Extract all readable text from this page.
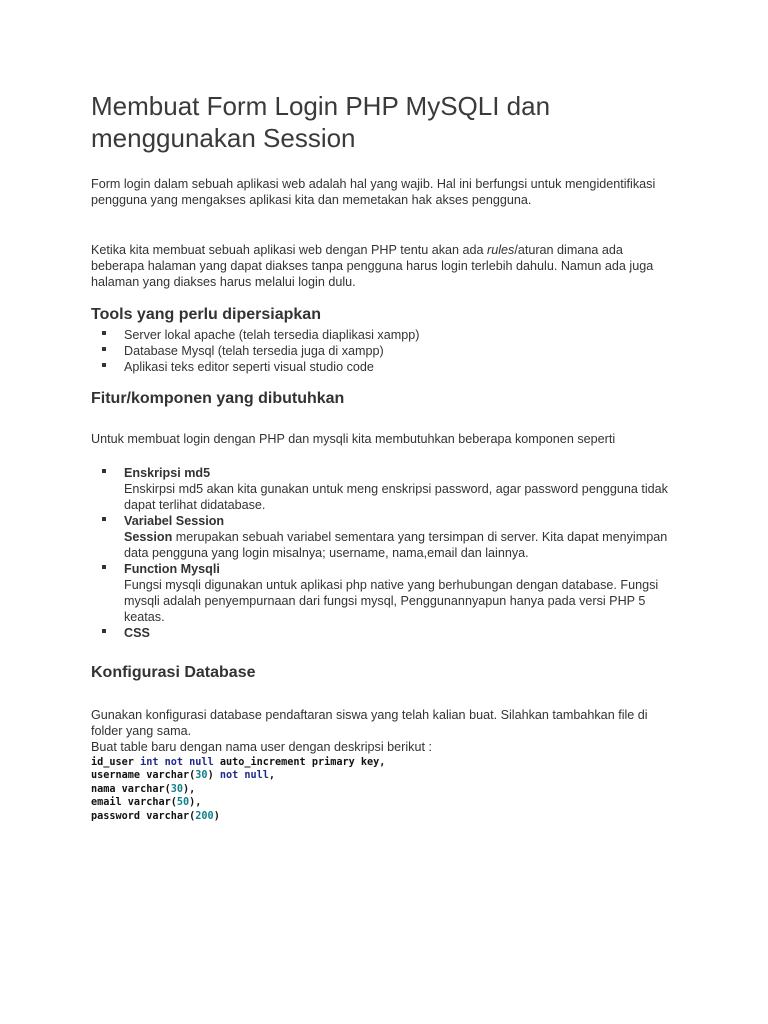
Membuat Form Login PHP MySQLI dan
menggunakan Session

Form login dalam sebuah aplikasi web adalah hal yang wajib. Hal ini berfungsi untuk mengidentifikasi pengguna yang mengakses aplikasi kita dan memetakan hak akses pengguna.

Ketika kita membuat sebuah aplikasi web dengan PHP tentu akan ada rules/aturan dimana ada beberapa halaman yang dapat diakses tanpa pengguna harus login terlebih dahulu. Namun ada juga halaman yang diakses harus melalui login dulu.

Tools yang perlu dipersiapkan
Server lokal apache (telah tersedia diaplikasi xampp)
Database Mysql (telah tersedia juga di xampp)
Aplikasi teks editor seperti visual studio code
Fitur/komponen yang dibutuhkan

Untuk membuat login dengan PHP dan mysqli kita membutuhkan beberapa komponen seperti

Enskripsi md5
Enskirpsi md5 akan kita gunakan untuk meng enskripsi password, agar password pengguna tidak dapat terlihat didatabase.
Variabel Session
Session merupakan sebuah variabel sementara yang tersimpan di server. Kita dapat menyimpan data pengguna yang login misalnya; username, nama,email dan lainnya.
Function Mysqli
Fungsi mysqli digunakan untuk aplikasi php native yang berhubungan dengan database. Fungsi mysqli adalah penyempurnaan dari fungsi mysql, Penggunannyapun hanya pada versi PHP 5 keatas.
CSS
Konfigurasi Database

Gunakan konfigurasi database pendaftaran siswa yang telah kalian buat. Silahkan tambahkan file di folder yang sama.

Buat table baru dengan nama user dengan deskripsi berikut :

id_user int not null auto_increment primary key,
username varchar(30) not null,
nama varchar(30),
email varchar(50),
password varchar(200)
